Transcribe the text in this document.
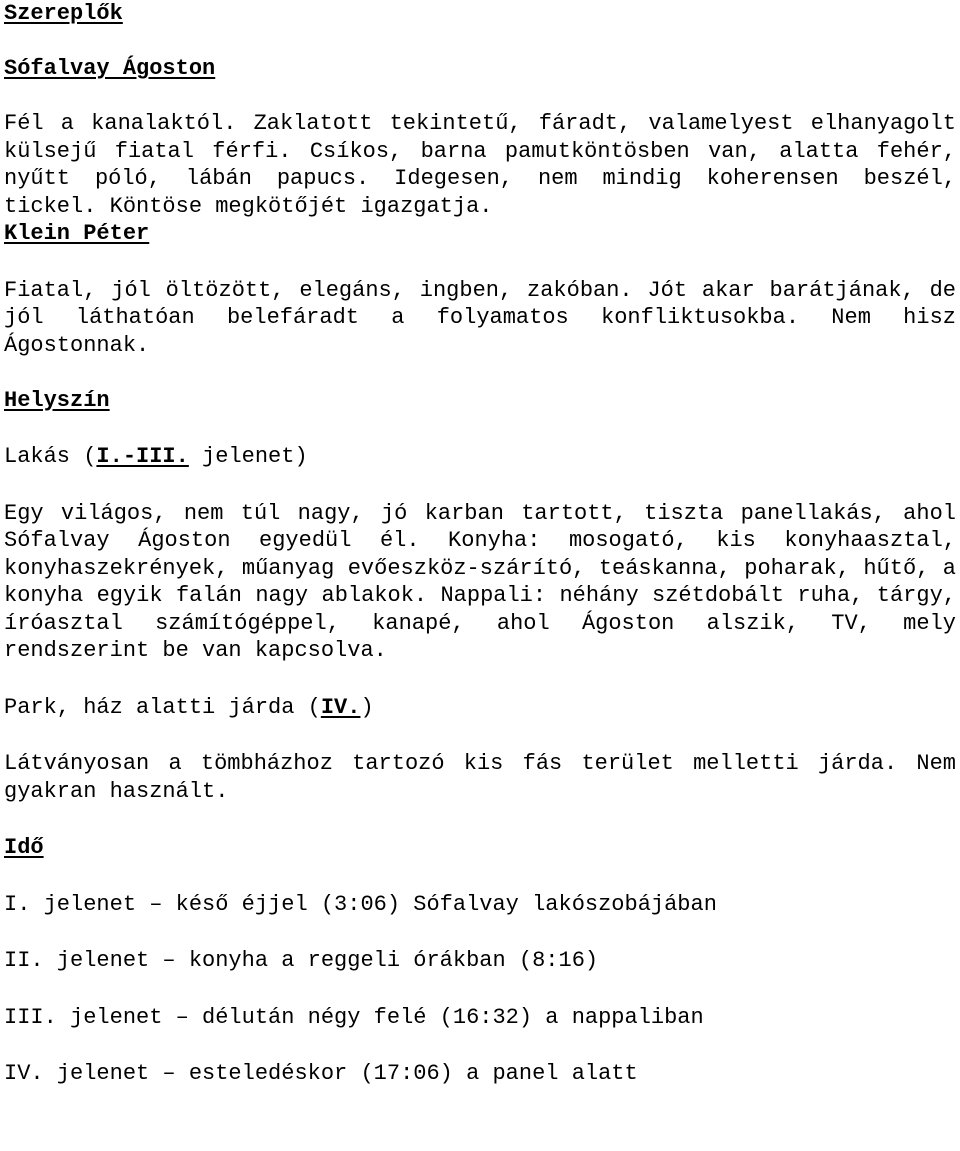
Szereplők

Sófalvay Ágoston

Fél a kanalaktól. Zaklatott tekintetű, fáradt, valamelyest elhanyagolt külsejű fiatal férfi. Csíkos, barna pamutköntösben van, alatta fehér, nyűtt póló, lábán papucs. Idegesen, nem mindig koherensen beszél, tickel. Köntöse megkötőjét igazgatja.

Klein Péter

Fiatal, jól öltözött, elegáns, ingben, zakóban. Jót akar barátjának, de jól láthatóan belefáradt a folyamatos konfliktusokba. Nem hisz Ágostonnak.

Helyszín

Lakás (I.-III. jelenet)

Egy világos, nem túl nagy, jó karban tartott, tiszta panellakás, ahol Sófalvay Ágoston egyedül él. Konyha: mosogató, kis konyhaasztal, konyhaszekrények, műanyag evőeszköz-szárító, teáskanna, poharak, hűtő, a konyha egyik falán nagy ablakok. Nappali: néhány szétdobált ruha, tárgy, íróasztal számítógéppel, kanapé, ahol Ágoston alszik, TV, mely rendszerint be van kapcsolva.

Park, ház alatti járda (IV.)

Látványosan a tömbházhoz tartozó kis fás terület melletti járda. Nem gyakran használt.

Idő

I. jelenet – késő éjjel (3:06) Sófalvay lakószobájában

II. jelenet – konyha a reggeli órákban (8:16)

III. jelenet – délután négy felé (16:32) a nappaliban

IV. jelenet – esteledéskor (17:06) a panel alatt
